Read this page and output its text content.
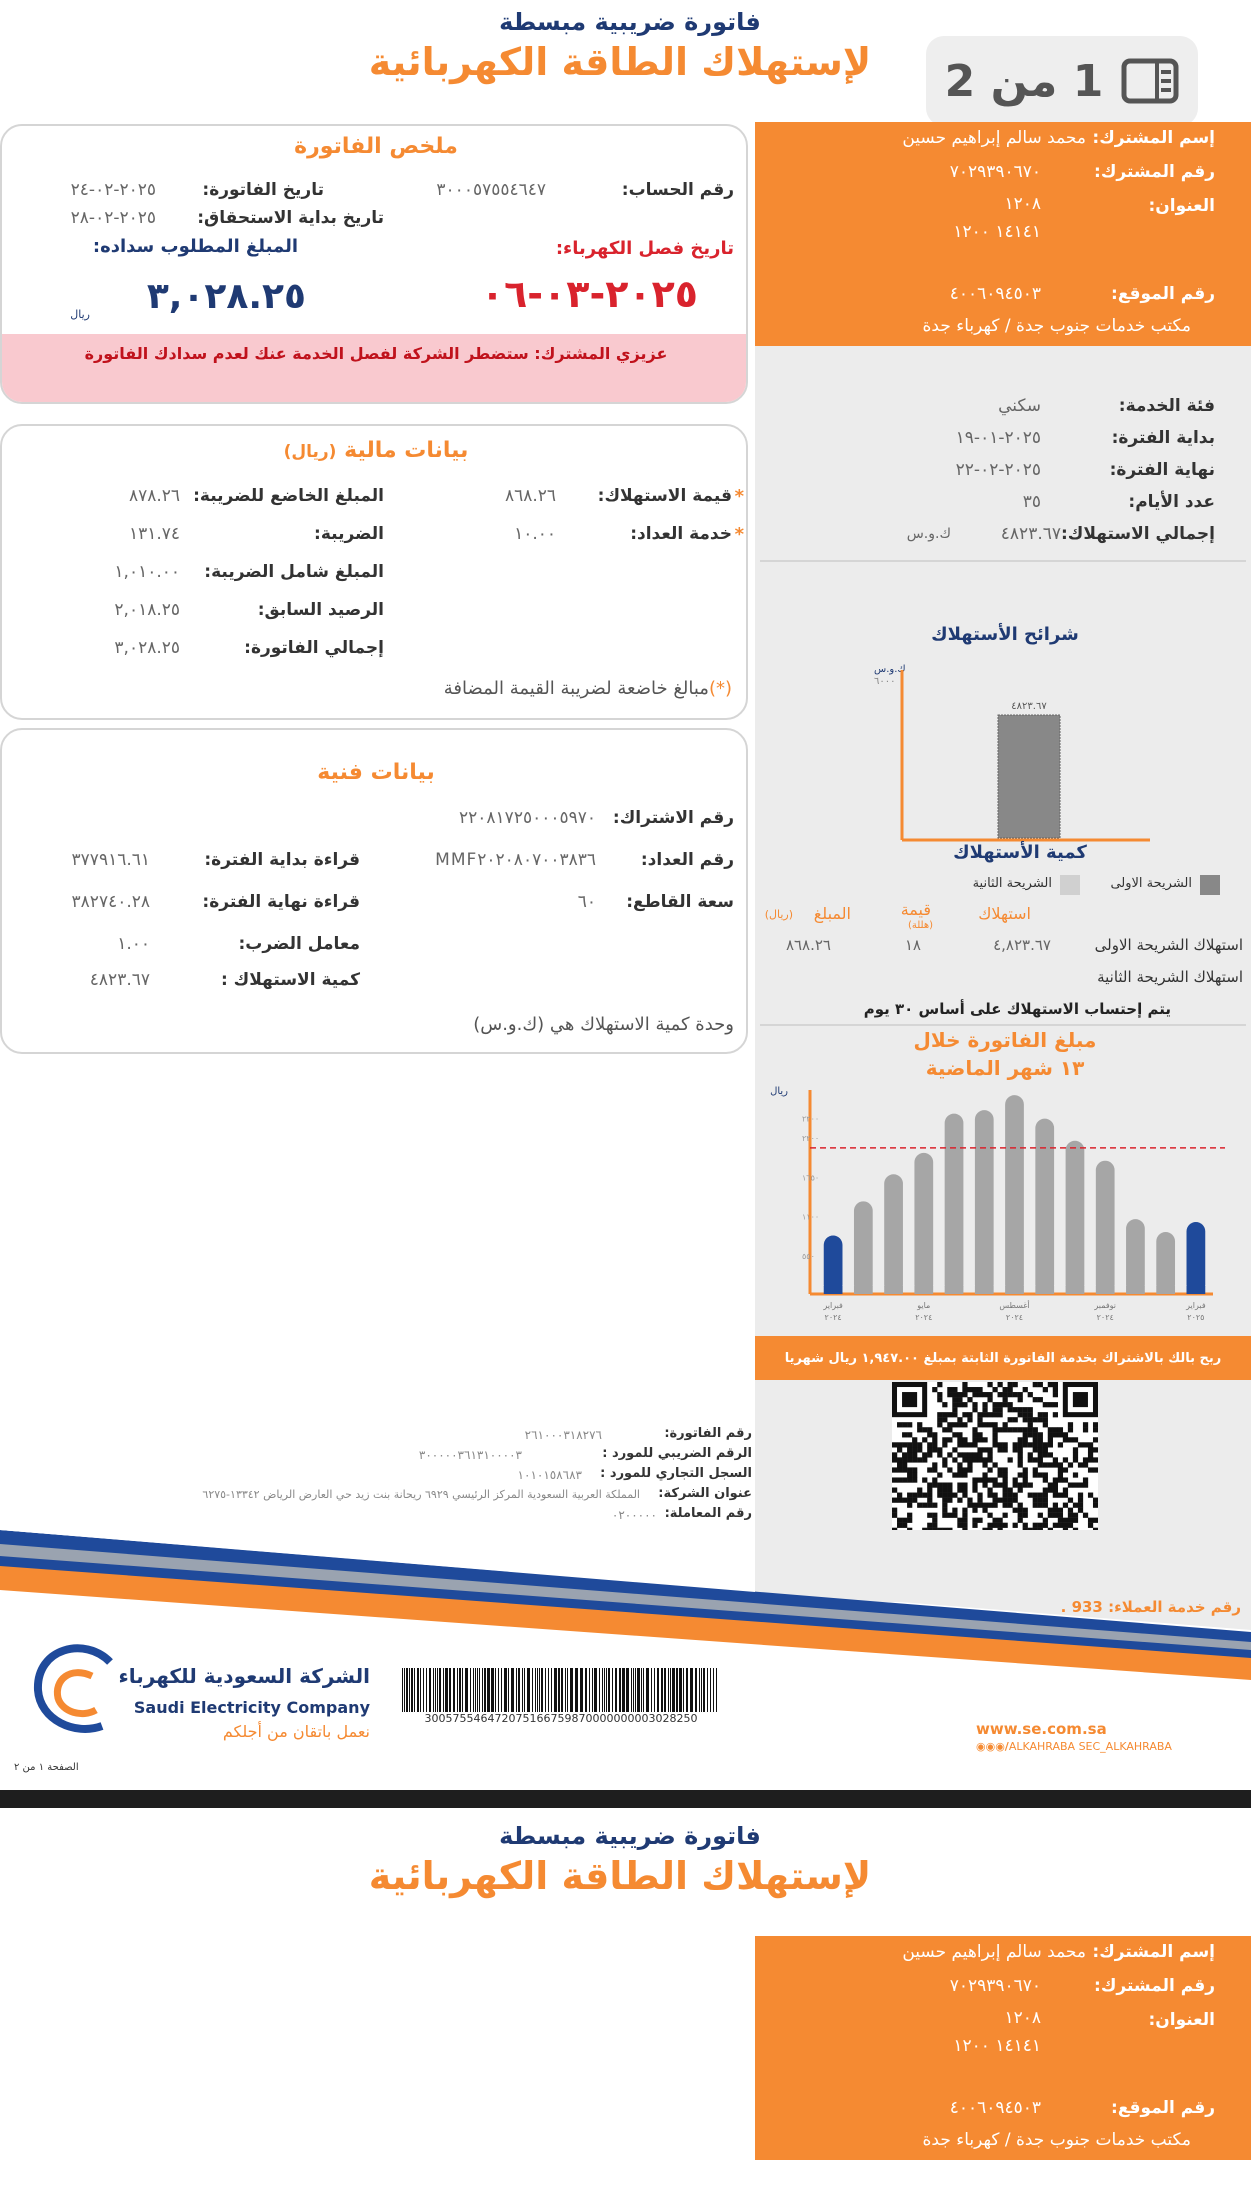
فاتورة ضريبية مبسطة
لإستهلاك الطاقة الكهربائية	1 من 2
إسم المشترك:
محمد سالم إبراهيم حسين
رقم المشترك:
٧٠٢٩٣٩٠٦٧٠
العنوان:
١٢٠٨
١٤١٤١ ١٢٠٠
رقم الموقع:
٤٠٠٦٠٩٤٥٠٣
مكتب خدمات جنوب جدة / كهرباء جدة
فئة الخدمة:
سكني
بداية الفترة:
٢٠٢٥-٠١-١٩
نهاية الفترة:
٢٠٢٥-٠٢-٢٢
عدد الأيام:
٣٥
إجمالي الاستهلاك:
٤٨٢٣.٦٧
ك.و.س
شرائح الأستهلاك
ك.و.س
٦٠٠٠
٤٨٢٣.٦٧
كمية الأستهلاك
الشريحة الاولى
الشريحة الثانية
استهلاك
قيمة
(هللة)
المبلغ
(ريال)
استهلاك الشريحة الاولى
٤,٨٢٣.٦٧
١٨
٨٦٨.٢٦
استهلاك الشريحة الثانية
يتم إحتساب الاستهلاك على أساس ٣٠ يوم
مبلغ الفاتورة خلال
١٣ شهر الماضية
ريال
٢٢٠٠
٢٢٠٠
١٦٥٠
١١٠٠
٥٥٠
فبراير
٢٠٢٤
مايو
٢٠٢٤
أغسطس
٢٠٢٤
نوفمبر
٢٠٢٤
فبراير
٢٠٢٥
ربح بالك بالاشتراك بخدمة الفاتورة الثابتة بمبلغ ١,٩٤٧.٠٠ ريال شهريا
رقم الفاتورة:
٢٦١٠٠٠٣١٨٢٧٦
الرقم الضريبي للمورد :
٣٠٠٠٠٠٣٦١٣١٠٠٠٠٣
السجل التجاري للمورد :
١٠١٠١٥٨٦٨٣
عنوان الشركة:
المملكة العربية السعودية المركز الرئيسي ٦٩٢٩ ريحانة بنت زيد حي العارض الرياض ١٣٣٤٢-٦٢٧٥
رقم المعاملة:
٠٢٠٠٠٠٠
رقم خدمة العملاء: 933 .
الشركة السعودية للكهرباء
Saudi Electricity Company
نعمل باتقان من أجلكم
300575546472075166759870000000003028250
www.se.com.sa
◉◉◉/ALKAHRABA SEC_ALKAHRABA
الصفحة ١ من ٢
ملخص الفاتورة
رقم الحساب:
٣٠٠٠٥٧٥٥٤٦٤٧
تاريخ الفاتورة:
٢٠٢٥-٠٢-٢٤
تاريخ بداية الاستحقاق:
٢٠٢٥-٠٢-٢٨
تاريخ فصل الكهرباء:
المبلغ المطلوب سداده:
٢٠٢٥-٠٣-٠٦
٣,٠٢٨.٢٥
ريال
عزيزي المشترك: ستضطر الشركة لفصل الخدمة عنك لعدم سدادك الفاتورة
بيانات مالية (ريال)
*
قيمة الاستهلاك:
٨٦٨.٢٦
المبلغ الخاضع للضريبة:
٨٧٨.٢٦
*
خدمة العداد:
١٠.٠٠
الضريبة:
١٣١.٧٤
المبلغ شامل الضريبة:
١,٠١٠.٠٠
الرصيد السابق:
٢,٠١٨.٢٥
إجمالي الفاتورة:
٣,٠٢٨.٢٥
(*)مبالغ خاضعة لضريبة القيمة المضافة
بيانات فنية
رقم الاشتراك:
٢٢٠٨١٧٢٥٠٠٠٥٩٧٠
رقم العداد:
MMF٢٠٢٠٨٠٧٠٠٣٨٣٦
قراءة بداية الفترة:
٣٧٧٩١٦.٦١
سعة القاطع:
٦٠
قراءة نهاية الفترة:
٣٨٢٧٤٠.٢٨
معامل الضرب:
١.٠٠
كمية الاستهلاك :
٤٨٢٣.٦٧
وحدة كمية الاستهلاك هي (ك.و.س)
فاتورة ضريبية مبسطة
لإستهلاك الطاقة الكهربائية
إسم المشترك:
محمد سالم إبراهيم حسين
رقم المشترك:
٧٠٢٩٣٩٠٦٧٠
العنوان:
١٢٠٨
١٤١٤١ ١٢٠٠
رقم الموقع:
٤٠٠٦٠٩٤٥٠٣
مكتب خدمات جنوب جدة / كهرباء جدة
